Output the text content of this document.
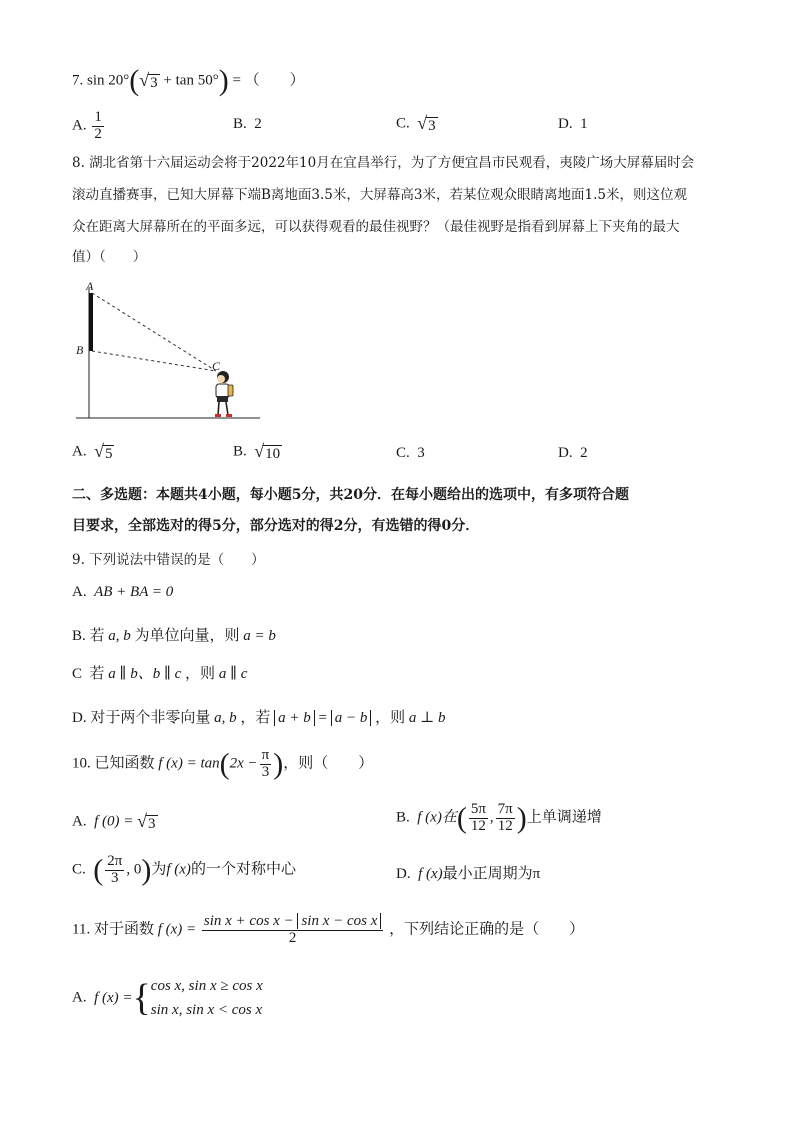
7. sin 20°( √ 3 + tan 50°) = （　　）
A. $\frac{1}{2}$	B. 2	C. √ 3	D. 1
8. 湖北省第十六届运动会将于2022年10月在宜昌举行，为了方便宜昌市民观看，夷陵广场大屏幕届时会
滚动直播赛事，已知大屏幕下端B离地面3.5米，大屏幕高3米，若某位观众眼睛离地面1.5米，则这位观
众在距离大屏幕所在的平面多远，可以获得观看的最佳视野？（最佳视野是指看到屏幕上下夹角的最大
值）（　　）
A
B
C
A. √ 5	B. √ 10	C. 3	D. 2
二、多选题：本题共4小题，每小题5分，共20分．在每小题给出的选项中，有多项符合题
目要求，全部选对的得5分，部分选对的得2分，有选错的得0分．
9. 下列说法中错误的是（　　）
A. AB + BA = 0
B. 若 a, b 为单位向量，则 a = b
C 若 a ∥ b、b ∥ c ，则 a ∥ c
D. 对于两个非零向量 a, b ，若 a + b = a − b ，则 a ⊥ b
10. 已知函数 f $(x) = \tan(2x - \frac{\pi}{3}$ )，则（　　）
A. f (0) = √ 3	B. f (x)在( $\frac{5\pi}{12}$ , $\frac{7\pi}{12}$ )上单调递增
C. ( $\frac{2\pi}{3}$ , 0)为f (x)的一个对称中心	D. f (x)最小正周期为π
11. 对于函数 f $(x) = \frac{\text{sin x + cos x − sin x − cos x}}{2}$ ，下列结论正确的是（　　）
A. f (x) = { cos x, sin x ≥ cos x
sin x, sin x < cos x
